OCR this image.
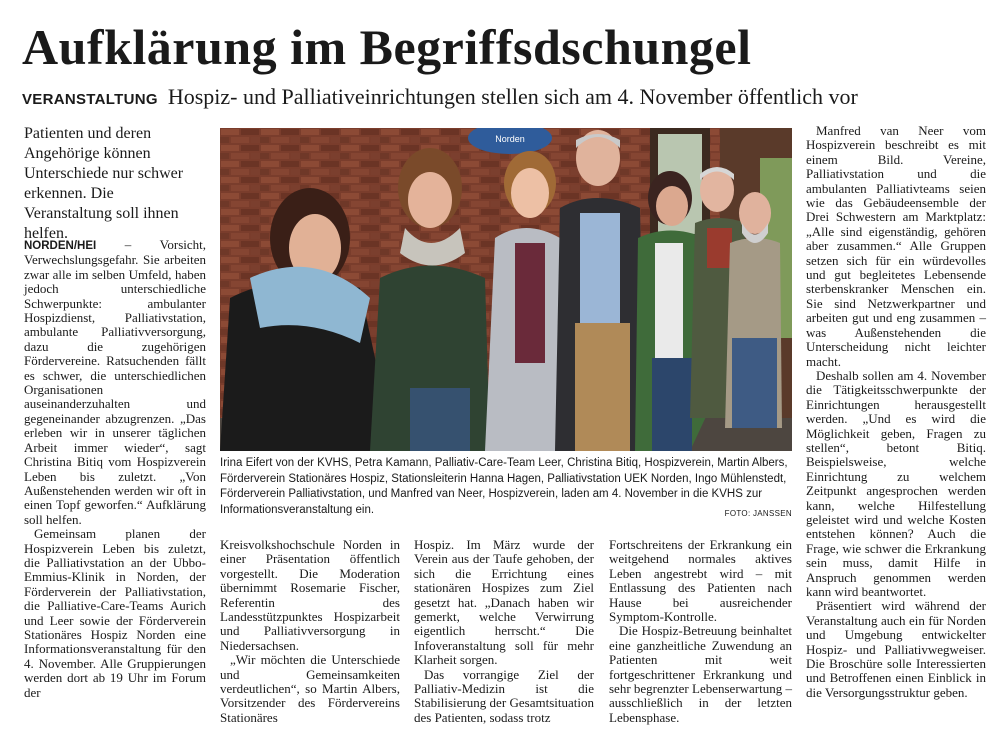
Aufklärung im Begriffsdschungel
VERANSTALTUNG Hospiz- und Palliativeinrichtungen stellen sich am 4. November öffentlich vor
Patienten und deren Angehörige können Unterschiede nur schwer erkennen. Die Veranstaltung soll ihnen helfen.

NORDEN/HEI – Vorsicht, Verwechslungsgefahr. Sie arbeiten zwar alle im selben Umfeld, haben jedoch unterschiedliche Schwerpunkte: ambulanter Hospizdienst, Palliativstation, ambulante Palliativversorgung, dazu die zugehörigen Fördervereine. Ratsuchenden fällt es schwer, die unterschiedlichen Organisationen auseinanderzuhalten und gegeneinander abzugrenzen. „Das erleben wir in unserer täglichen Arbeit immer wieder“, sagt Christina Bitiq vom Hospizverein Leben bis zuletzt. „Von Außenstehenden werden wir oft in einen Topf geworfen.“ Aufklärung soll helfen.

Gemeinsam planen der Hospizverein Leben bis zuletzt, die Palliativstation an der Ubbo-Emmius-Klinik in Norden, der Förderverein der Palliativstation, die Palliative-Care-Teams Aurich und Leer sowie der Förderverein Stationäres Hospiz Norden eine Informationsveranstaltung für den 4. November. Alle Gruppierungen werden dort ab 19 Uhr im Forum der

Norden
Irina Eifert von der KVHS, Petra Kamann, Palliativ-Care-Team Leer, Christina Bitiq, Hospizverein, Martin Albers, Förderverein Stationäres Hospiz, Stationsleiterin Hanna Hagen, Palliativstation UEK Norden, Ingo Mühlenstedt, Förderverein Palliativstation, und Manfred van Neer, Hospizverein, laden am 4. November in die KVHS zur Informationsveranstaltung ein.	FOTO: JANSSEN

Kreisvolkshochschule Norden in einer Präsentation öffentlich vorgestellt. Die Moderation übernimmt Rosemarie Fischer, Referentin des Landesstützpunktes Hospizarbeit und Palliativversorgung in Niedersachsen.

„Wir möchten die Unterschiede und Gemeinsamkeiten verdeutlichen“, so Martin Albers, Vorsitzender des Fördervereins Stationäres

Hospiz. Im März wurde der Verein aus der Taufe gehoben, der sich die Errichtung eines stationären Hospizes zum Ziel gesetzt hat. „Danach haben wir gemerkt, welche Verwirrung eigentlich herrscht.“ Die Infoveranstaltung soll für mehr Klarheit sorgen.

Das vorrangige Ziel der Palliativ-Medizin ist die Stabilisierung der Gesamtsituation des Patienten, sodass trotz

Fortschreitens der Erkrankung ein weitgehend normales aktives Leben angestrebt wird – mit Entlassung des Patienten nach Hause bei ausreichender Symptom-Kontrolle.

Die Hospiz-Betreuung beinhaltet eine ganzheitliche Zuwendung an Patienten mit weit fortgeschrittener Erkrankung und sehr begrenzter Lebenserwartung – ausschließlich in der letzten Lebensphase.

Manfred van Neer vom Hospizverein beschreibt es mit einem Bild. Vereine, Palliativstation und die ambulanten Palliativteams seien wie das Gebäudeensemble der Drei Schwestern am Marktplatz: „Alle sind eigenständig, gehören aber zusammen.“ Alle Gruppen setzen sich für ein würdevolles und gut begleitetes Lebensende sterbenskranker Menschen ein. Sie sind Netzwerkpartner und arbeiten gut und eng zusammen – was Außenstehenden die Unterscheidung nicht leichter macht.

Deshalb sollen am 4. November die Tätigkeitsschwerpunkte der Einrichtungen herausgestellt werden. „Und es wird die Möglichkeit geben, Fragen zu stellen“, betont Bitiq. Beispielsweise, welche Einrichtung zu welchem Zeitpunkt angesprochen werden kann, welche Hilfestellung geleistet wird und welche Kosten entstehen können? Auch die Frage, wie schwer die Erkrankung sein muss, damit Hilfe in Anspruch genommen werden kann wird beantwortet.

Präsentiert wird während der Veranstaltung auch ein für Norden und Umgebung entwickelter Hospiz- und Palliativwegweiser. Die Broschüre solle Interessierten und Betroffenen einen Einblick in die Versorgungsstruktur geben.
